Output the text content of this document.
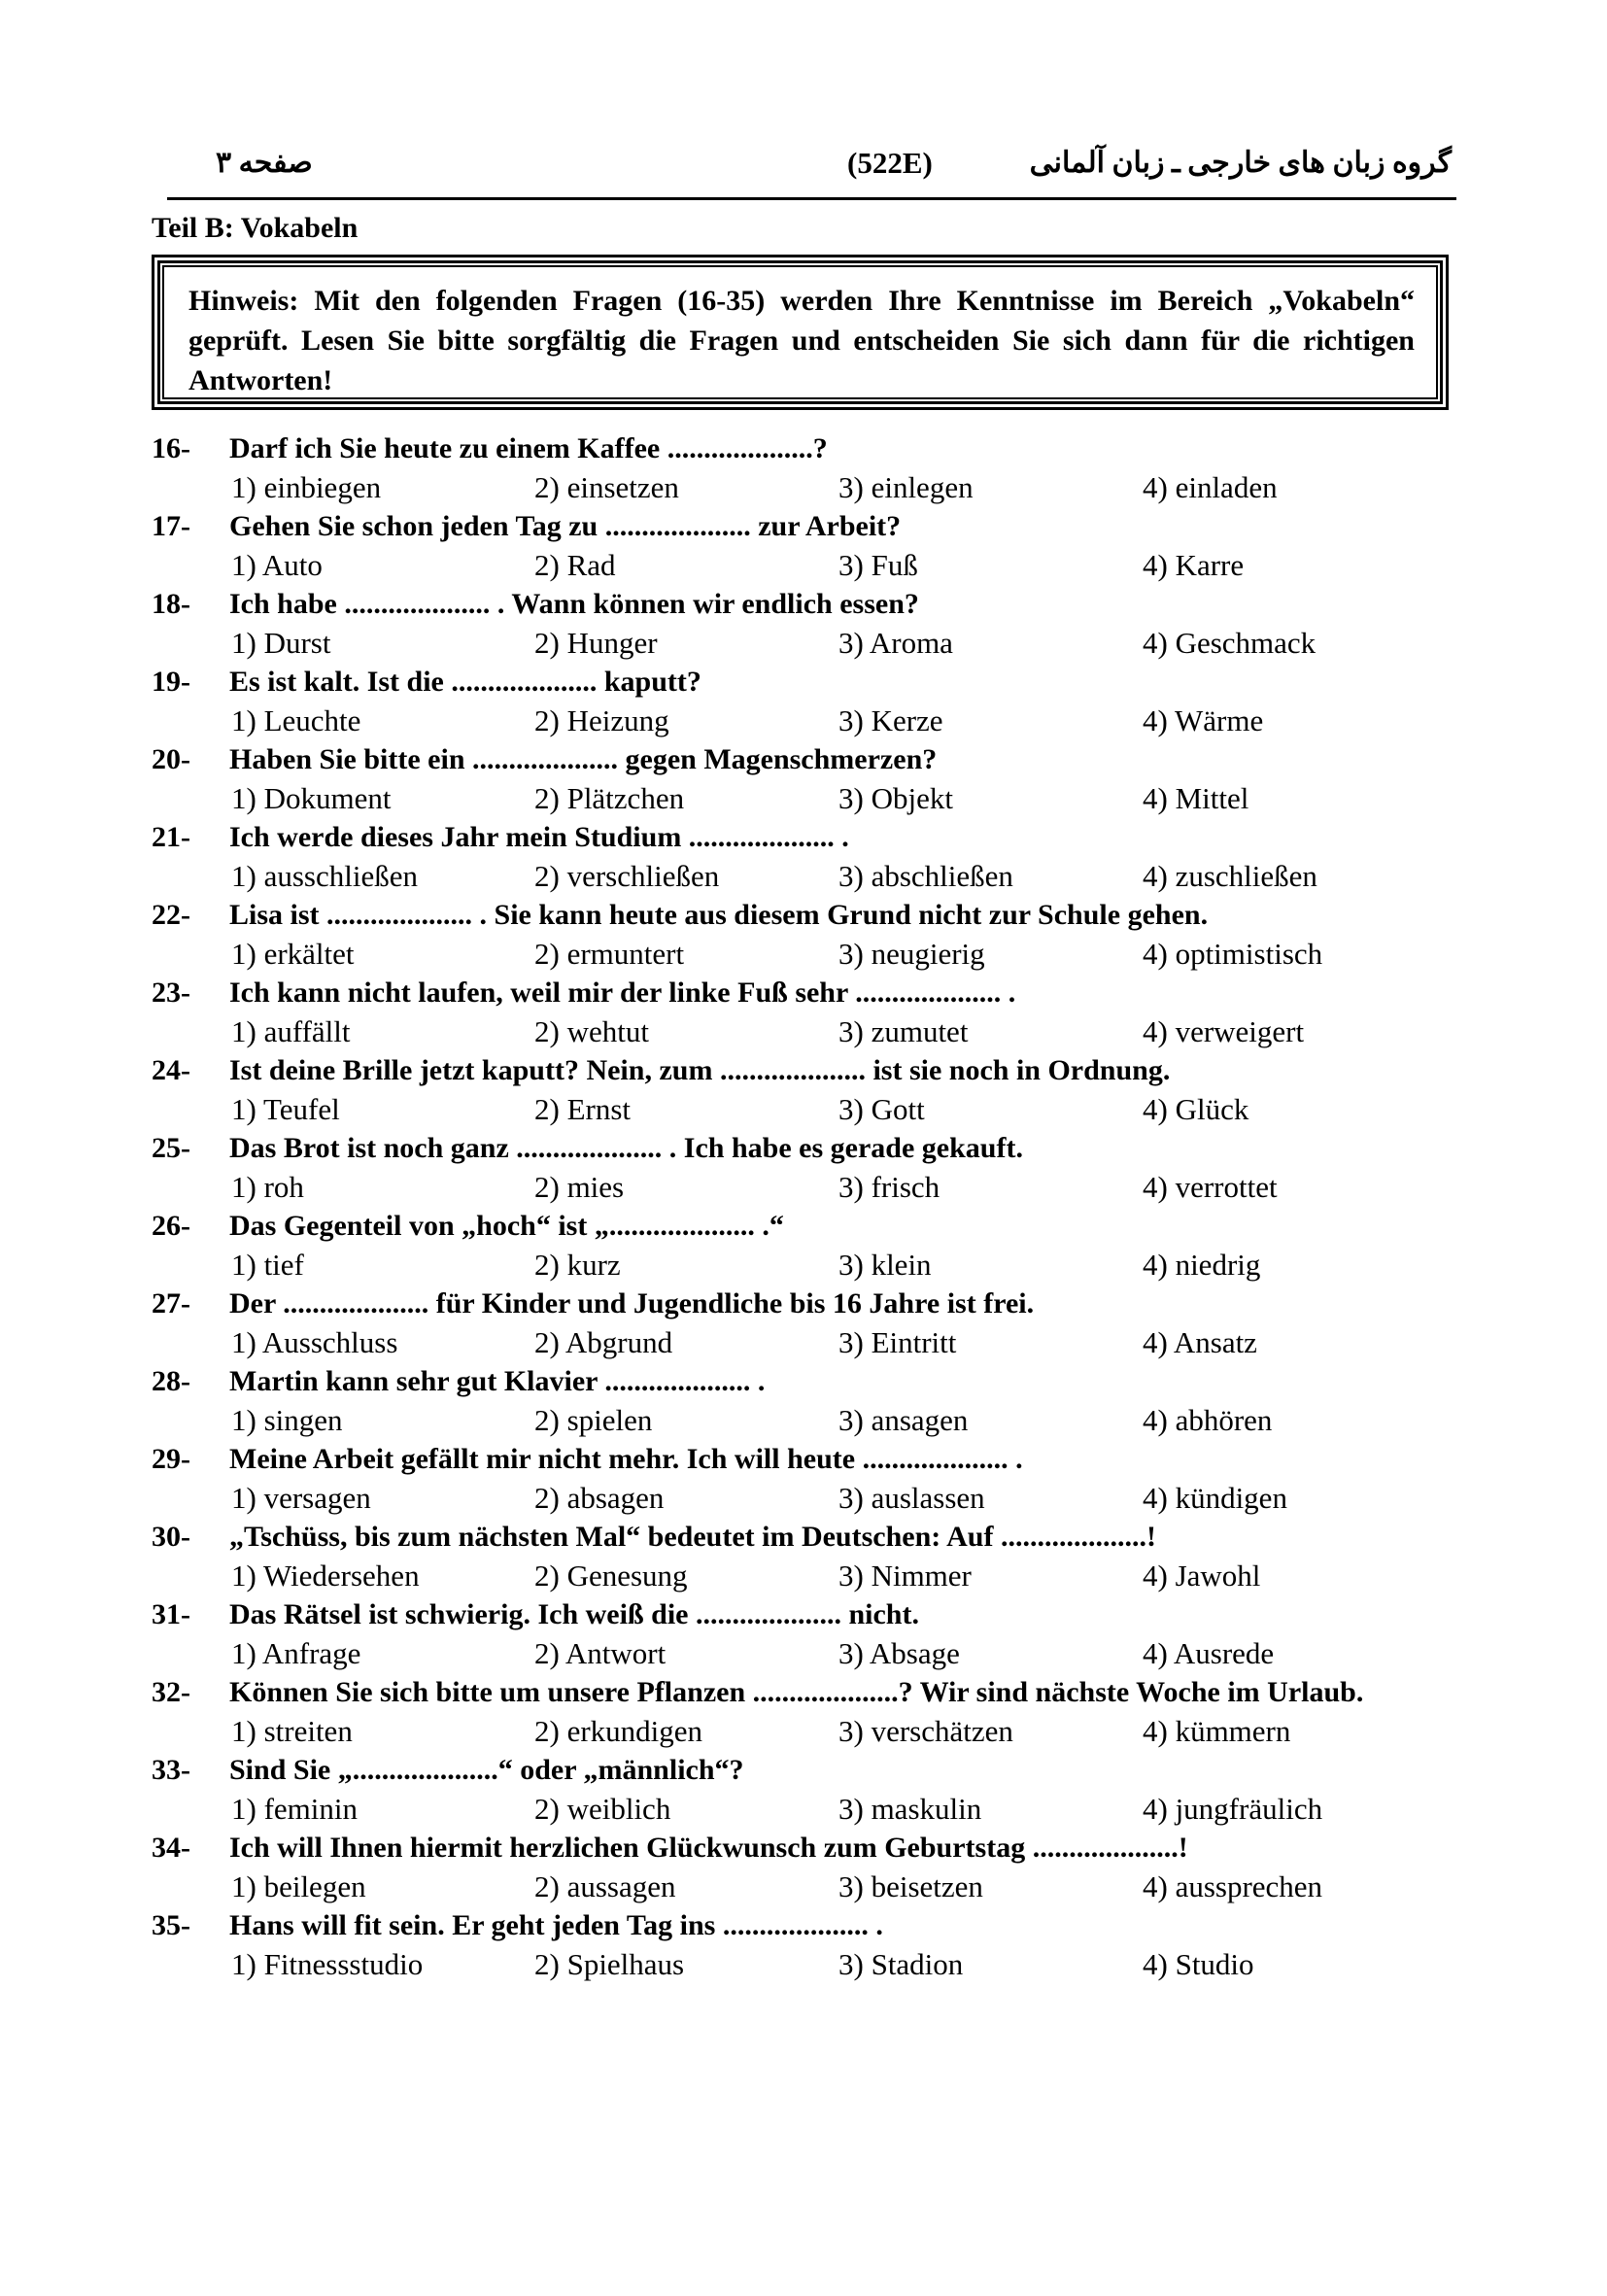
صفحه ۳	(522E)	گروه زبان های خارجی ـ زبان آلمانی
Teil B: Vokabeln
Hinweis: Mit den folgenden Fragen (16-35) werden Ihre Kenntnisse im Bereich „Vokabeln“ geprüft. Lesen Sie bitte sorgfältig die Fragen und entscheiden Sie sich dann für die richtigen Antworten!
16- Darf ich Sie heute zu einem Kaffee ....................?
1) einbiegen	2) einsetzen	3) einlegen	4) einladen
17- Gehen Sie schon jeden Tag zu .................... zur Arbeit?
1) Auto	2) Rad	3) Fuß	4) Karre
18- Ich habe .................... . Wann können wir endlich essen?
1) Durst	2) Hunger	3) Aroma	4) Geschmack
19- Es ist kalt. Ist die .................... kaputt?
1) Leuchte	2) Heizung	3) Kerze	4) Wärme
20- Haben Sie bitte ein .................... gegen Magenschmerzen?
1) Dokument	2) Plätzchen	3) Objekt	4) Mittel
21- Ich werde dieses Jahr mein Studium .................... .
1) ausschließen	2) verschließen	3) abschließen	4) zuschließen
22- Lisa ist .................... . Sie kann heute aus diesem Grund nicht zur Schule gehen.
1) erkältet	2) ermuntert	3) neugierig	4) optimistisch
23- Ich kann nicht laufen, weil mir der linke Fuß sehr .................... .
1) auffällt	2) wehtut	3) zumutet	4) verweigert
24- Ist deine Brille jetzt kaputt? Nein, zum .................... ist sie noch in Ordnung.
1) Teufel	2) Ernst	3) Gott	4) Glück
25- Das Brot ist noch ganz .................... . Ich habe es gerade gekauft.
1) roh	2) mies	3) frisch	4) verrottet
26- Das Gegenteil von „hoch“ ist „.................... .“
1) tief	2) kurz	3) klein	4) niedrig
27- Der .................... für Kinder und Jugendliche bis 16 Jahre ist frei.
1) Ausschluss	2) Abgrund	3) Eintritt	4) Ansatz
28- Martin kann sehr gut Klavier .................... .
1) singen	2) spielen	3) ansagen	4) abhören
29- Meine Arbeit gefällt mir nicht mehr. Ich will heute .................... .
1) versagen	2) absagen	3) auslassen	4) kündigen
30- „Tschüss, bis zum nächsten Mal“ bedeutet im Deutschen: Auf ....................!
1) Wiedersehen	2) Genesung	3) Nimmer	4) Jawohl
31- Das Rätsel ist schwierig. Ich weiß die .................... nicht.
1) Anfrage	2) Antwort	3) Absage	4) Ausrede
32- Können Sie sich bitte um unsere Pflanzen ....................? Wir sind nächste Woche im Urlaub.
1) streiten	2) erkundigen	3) verschätzen	4) kümmern
33- Sind Sie „....................“ oder „männlich“?
1) feminin	2) weiblich	3) maskulin	4) jungfräulich
34- Ich will Ihnen hiermit herzlichen Glückwunsch zum Geburtstag ....................!
1) beilegen	2) aussagen	3) beisetzen	4) aussprechen
35- Hans will fit sein. Er geht jeden Tag ins .................... .
1) Fitnessstudio	2) Spielhaus	3) Stadion	4) Studio
